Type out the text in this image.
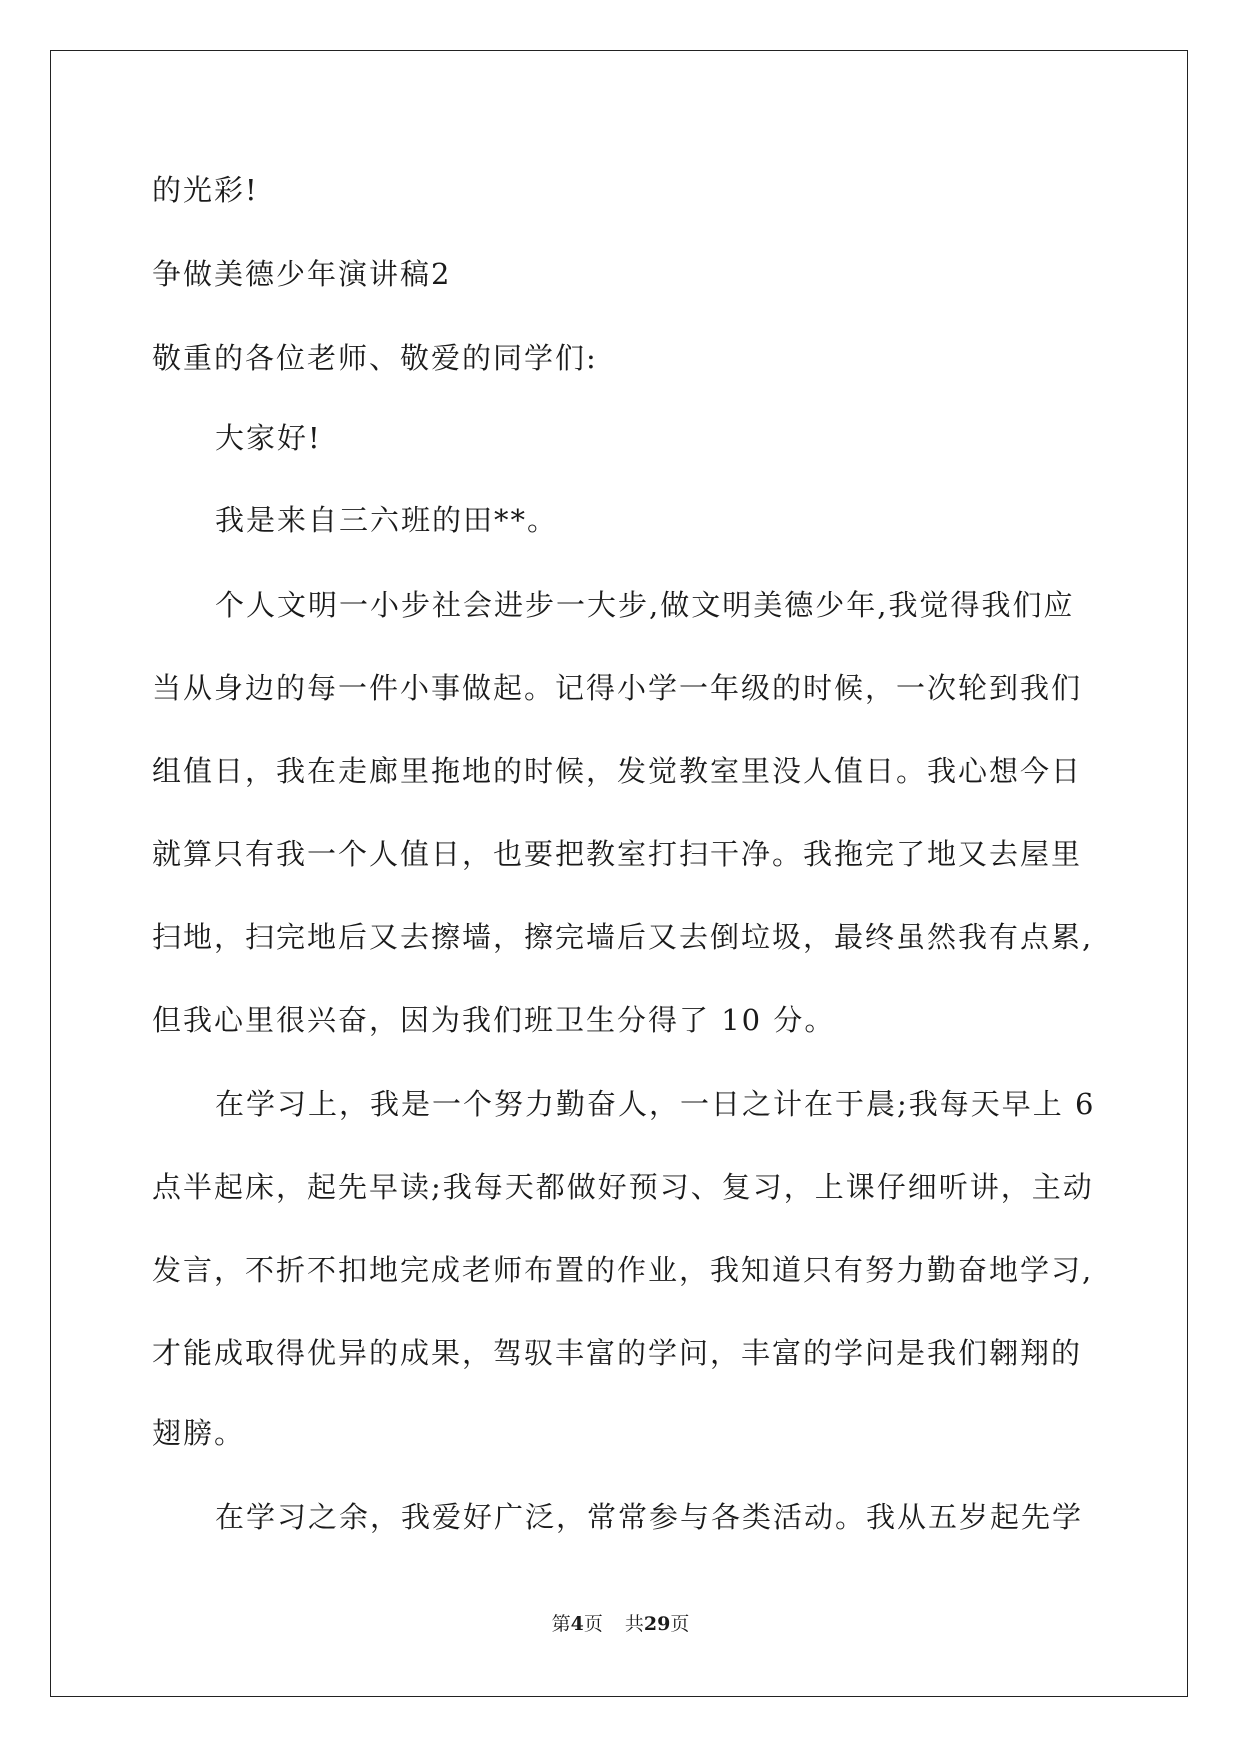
的光彩!
争做美德少年演讲稿2
敬重的各位老师、敬爱的同学们:
大家好!
我是来自三六班的田**。
个人文明一小步社会进步一大步,做文明美德少年,我觉得我们应
当从身边的每一件小事做起。记得小学一年级的时候，一次轮到我们
组值日，我在走廊里拖地的时候，发觉教室里没人值日。我心想今日
就算只有我一个人值日，也要把教室打扫干净。我拖完了地又去屋里
扫地，扫完地后又去擦墙，擦完墙后又去倒垃圾，最终虽然我有点累,
但我心里很兴奋，因为我们班卫生分得了 10 分。
在学习上，我是一个努力勤奋人，一日之计在于晨;我每天早上 6
点半起床，起先早读;我每天都做好预习、复习，上课仔细听讲，主动
发言，不折不扣地完成老师布置的作业，我知道只有努力勤奋地学习,
才能成取得优异的成果，驾驭丰富的学问，丰富的学问是我们翱翔的
翅膀。
在学习之余，我爱好广泛，常常参与各类活动。我从五岁起先学
第4页 共29页
